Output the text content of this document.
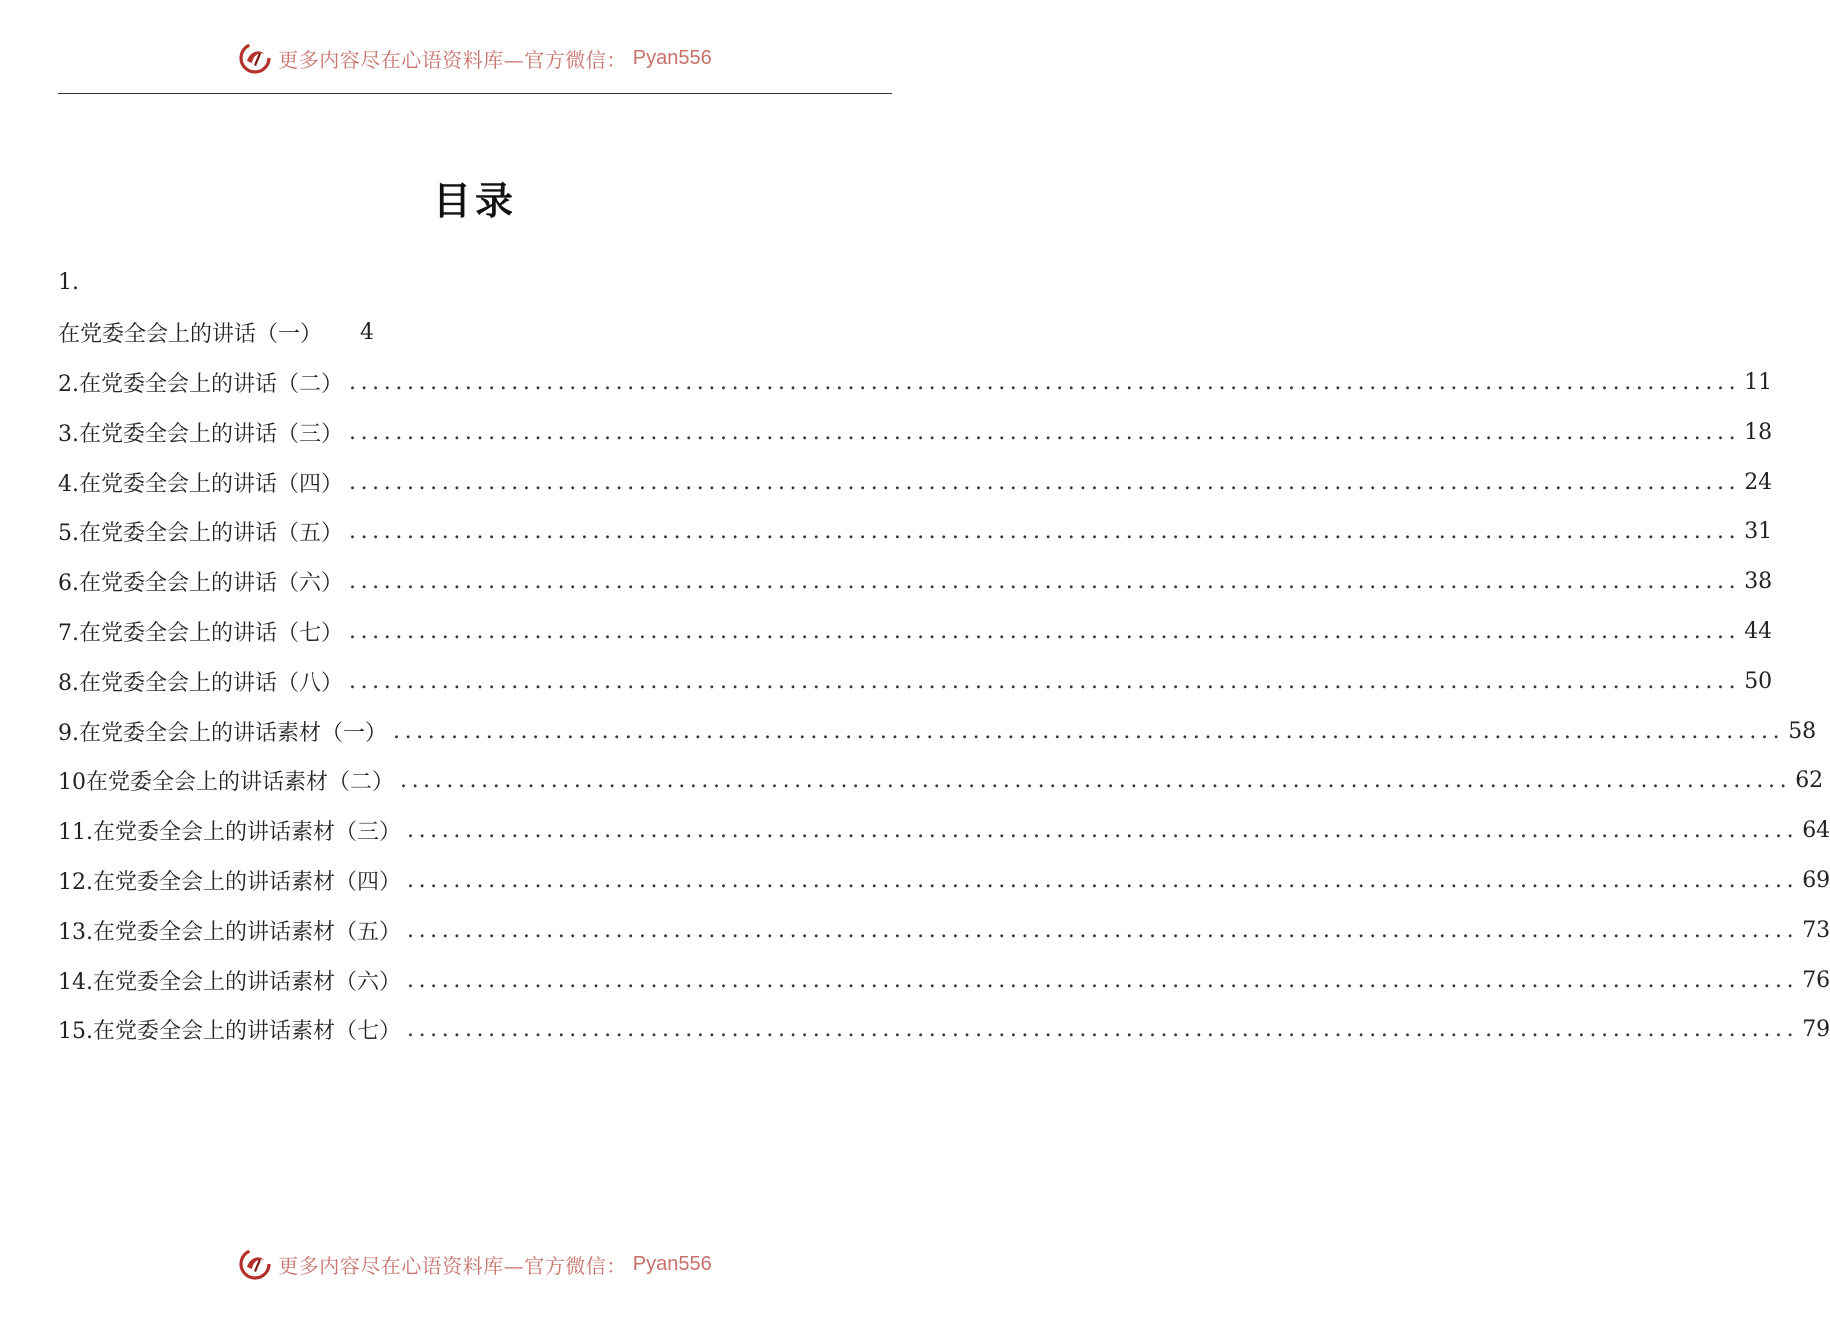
更多内容尽在心语资料库—官方微信： Pyan556
目录
1.
在党委全会上的讲话（一） 4
2.在党委全会上的讲话（二） ........................................................................................................................ 11
3.在党委全会上的讲话（三） ........................................................................................................................ 18
4.在党委全会上的讲话（四） ........................................................................................................................ 24
5.在党委全会上的讲话（五） ........................................................................................................................ 31
6.在党委全会上的讲话（六） ........................................................................................................................ 38
7.在党委全会上的讲话（七） ........................................................................................................................ 44
8.在党委全会上的讲话（八） ........................................................................................................................ 50
9.在党委全会上的讲话素材（一） ........................................................................................................................ 58
10在党委全会上的讲话素材（二） ........................................................................................................................ 62
11.在党委全会上的讲话素材（三） ........................................................................................................................ 64
12.在党委全会上的讲话素材（四） ........................................................................................................................ 69
13.在党委全会上的讲话素材（五） ........................................................................................................................ 73
14.在党委全会上的讲话素材（六） ........................................................................................................................ 76
15.在党委全会上的讲话素材（七） ........................................................................................................................ 79
更多内容尽在心语资料库—官方微信： Pyan556
